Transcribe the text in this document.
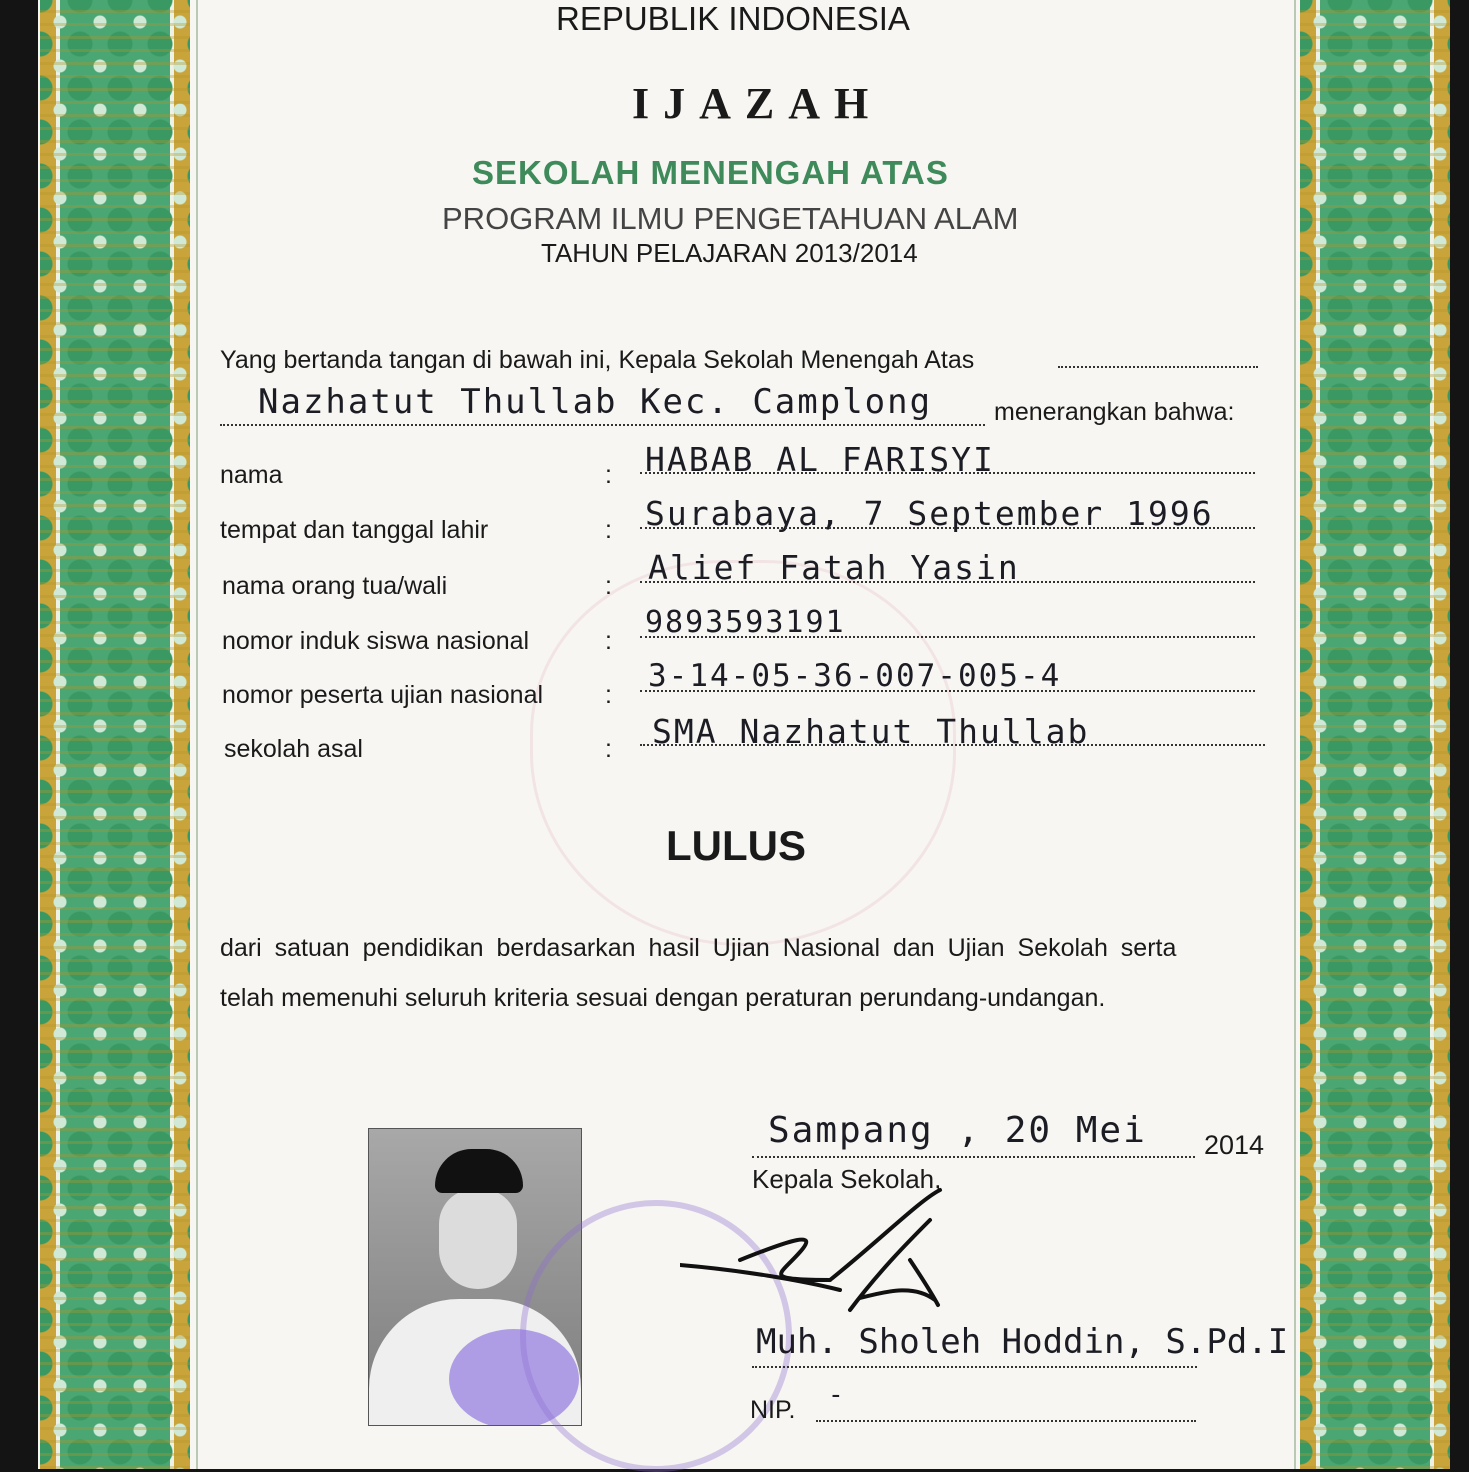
REPUBLIK INDONESIA
IJAZAH
SEKOLAH MENENGAH ATAS
PROGRAM ILMU PENGETAHUAN ALAM
TAHUN PELAJARAN 2013/2014
Yang bertanda tangan di bawah ini, Kepala Sekolah Menengah Atas
Nazhatut Thullab Kec. Camplong menerangkan bahwa:
nama	: HABAB AL FARISYI
tempat dan tanggal lahir	: Surabaya, 7 September 1996
nama orang tua/wali	: Alief Fatah Yasin
nomor induk siswa nasional	:
9893593191
nomor peserta ujian nasional :
3-14-05-36-007-005-4
sekolah asal	: SMA Nazhatut Thullab
LULUS
dari satuan pendidikan berdasarkan hasil Ujian Nasional dan Ujian Sekolah serta
telah memenuhi seluruh kriteria sesuai dengan peraturan perundang-undangan.
Sampang , 20 Mei 2014
Kepala Sekolah,
Muh. Sholeh Hoddin, S.Pd.I
NIP. -
